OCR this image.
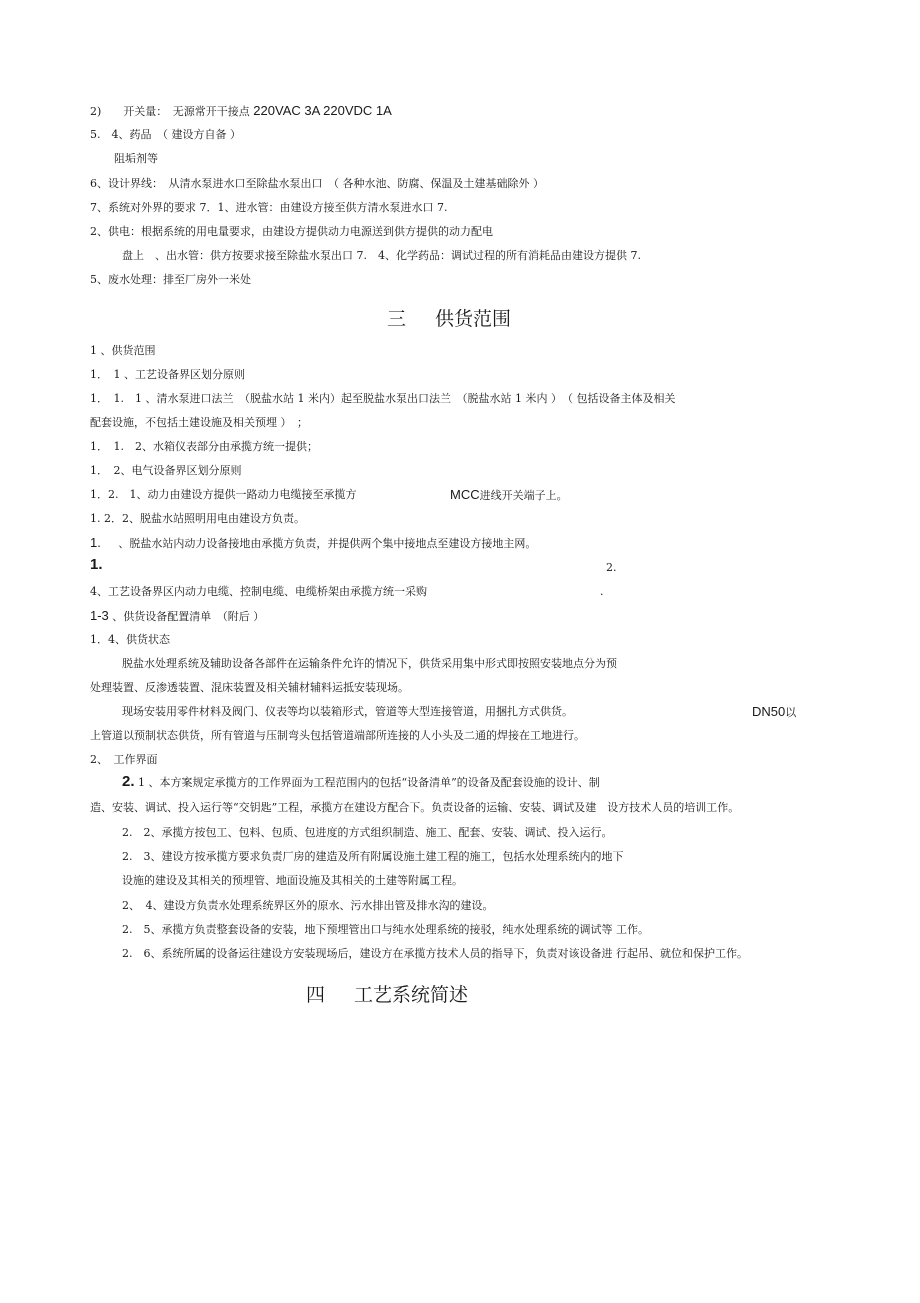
2)　　开关量：　无源常开干接点 220VAC 3A 220VDC 1A
5.　4、药品　（ 建设方自备 ）
阻垢剂等
6、设计界线：　从清水泵进水口至除盐水泵出口　（ 各种水池、防腐、保温及土建基础除外 ）
7、系统对外界的要求 7．1、进水管：由建设方接至供方清水泵进水口 7.
2、供电：根据系统的用电量要求，由建设方提供动力电源送到供方提供的动力配电
盘上　、出水管：供方按要求接至除盐水泵出口 7.　4、化学药品：调试过程的所有消耗品由建设方提供 7.
5、废水处理：排至厂房外一米处
三 供货范围
1 、供货范围
1．　1 、工艺设备界区划分原则
1．　1.　1 、清水泵进口法兰　（脱盐水站 1 米内）起至脱盐水泵出口法兰　（脱盐水站 1 米内 ）　（ 包括设备主体及相关
配套设施，不包括土建设施及相关预埋 ）　；
1．　1.　2、水箱仪表部分由承揽方统一提供；
1．　2、电气设备界区划分原则
1．2.　1、动力由建设方提供一路动力电缆接至承揽方	MCC进线开关端子上。
1. 2．2、脱盐水站照明用电由建设方负责。
1. 、脱盐水站内动力设备接地由承揽方负责，并提供两个集中接地点至建设方接地主网。
1.	2.
4、工艺设备界区内动力电缆、控制电缆、电缆桥架由承揽方统一采购	.
1-3 、供货设备配置清单　（附后 ）
1．4、供货状态
脱盐水处理系统及辅助设备各部件在运输条件允许的情况下，供货采用集中形式即按照安装地点分为预
处理装置、反渗透装置、混床装置及相关辅材辅料运抵安装现场。
现场安装用零件材料及阀门、仪表等均以装箱形式，管道等大型连接管道，用捆扎方式供货。	DN50以
上管道以预制状态供货，所有管道与压制弯头包括管道端部所连接的人小头及二通的焊接在工地进行。
2、　工作界面
2. 1 、本方案规定承揽方的工作界面为工程范围内的包括“设备清单”的设备及配套设施的设计、制
造、安装、调试、投入运行等“交钥匙”工程，承揽方在建设方配合下。负责设备的运输、安装、调试及建　设方技术人员的培训工作。
2.　2、承揽方按包工、包料、包质、包进度的方式组织制造、施工、配套、安装、调试、投入运行。
2.　3、建设方按承揽方要求负责厂房的建造及所有附属设施土建工程的施工，包括水处理系统内的地下
设施的建设及其相关的预埋管、地面设施及其相关的土建等附属工程。
2、　4、建设方负责水处理系统界区外的原水、污水排出管及排水沟的建设。
2.　5、承揽方负责整套设备的安装，地下预埋管出口与纯水处理系统的接驳，纯水处理系统的调试等 工作。
2.　6、系统所属的设备运往建设方安装现场后，建设方在承揽方技术人员的指导下，负责对该设备进 行起吊、就位和保护工作。
四 工艺系统简述
